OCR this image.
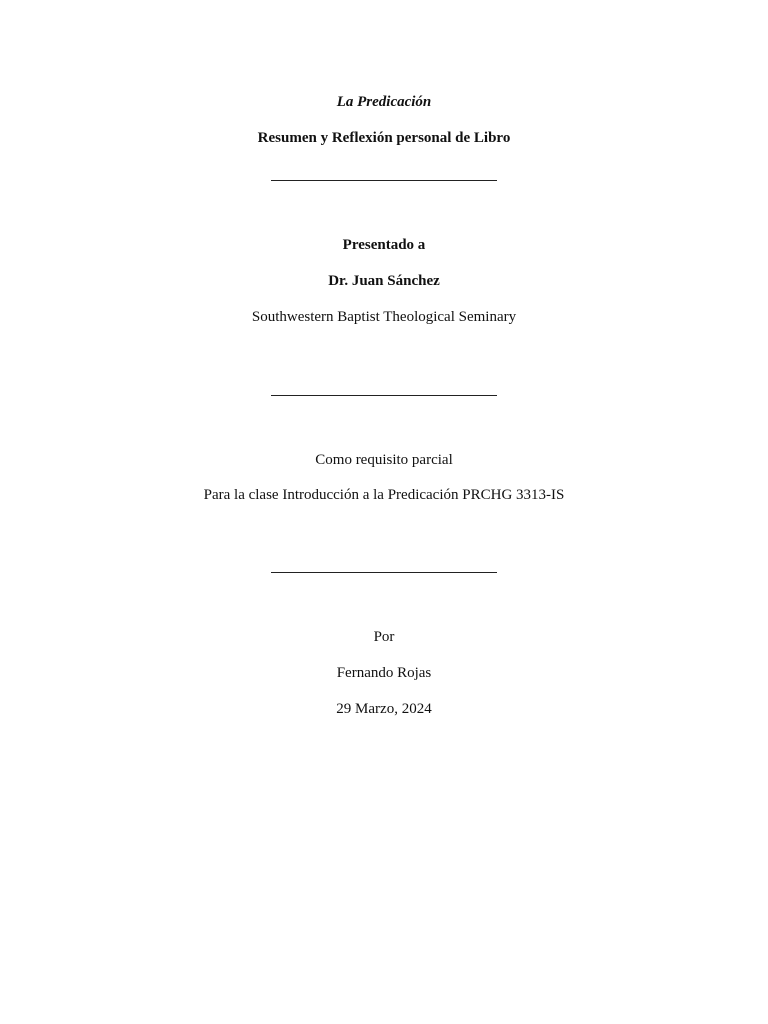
La Predicación
Resumen y Reflexión personal de Libro
Presentado a
Dr. Juan Sánchez
Southwestern Baptist Theological Seminary
Como requisito parcial
Para la clase Introducción a la Predicación PRCHG 3313-IS
Por
Fernando Rojas
29 Marzo, 2024
